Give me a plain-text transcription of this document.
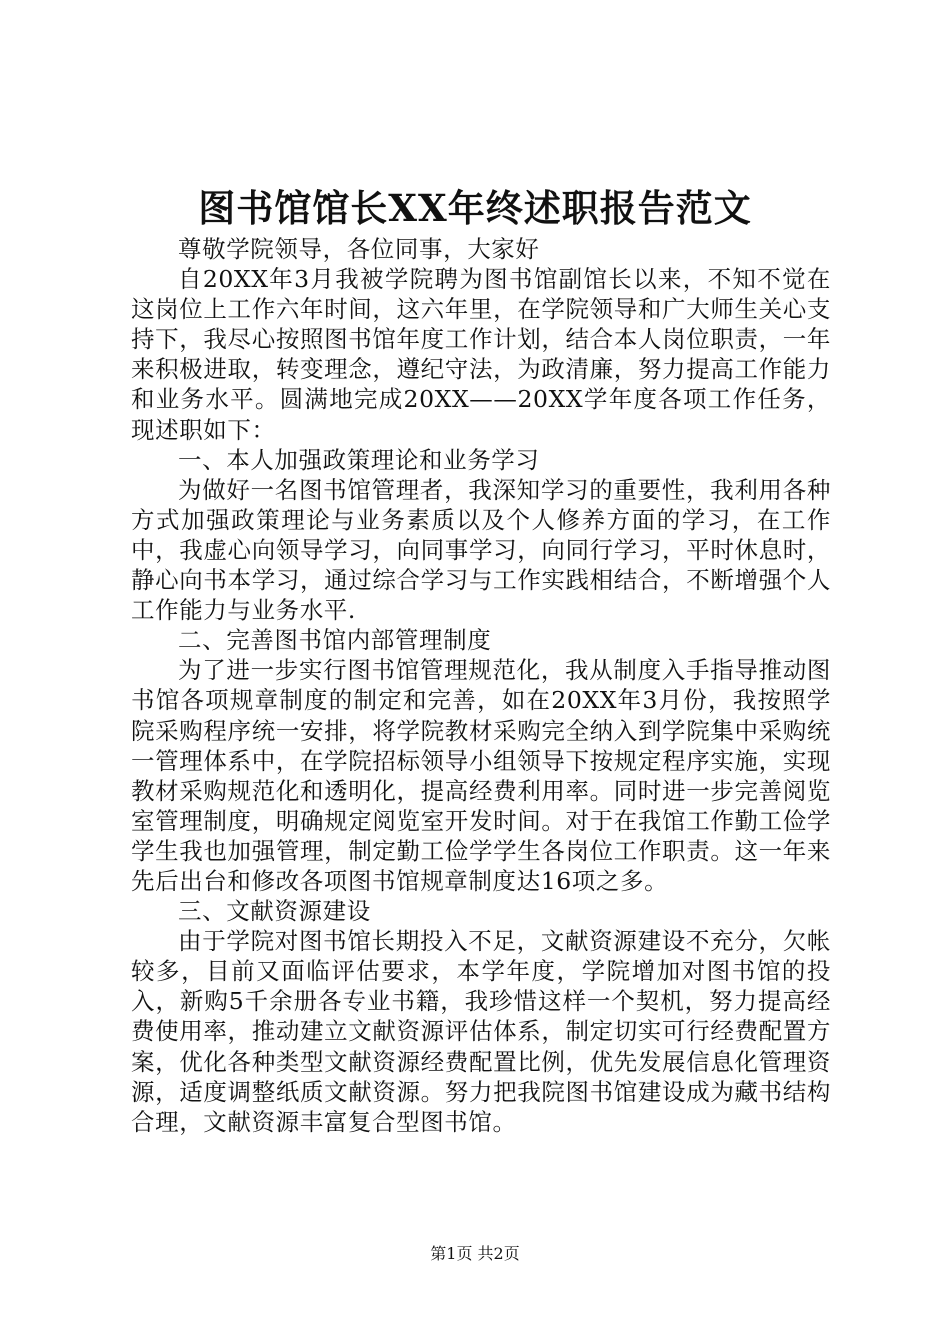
图书馆馆长XX年终述职报告范文

尊敬学院领导，各位同事，大家好

自20XX年3月我被学院聘为图书馆副馆长以来，不知不觉在这岗位上工作六年时间，这六年里，在学院领导和广大师生关心支持下，我尽心按照图书馆年度工作计划，结合本人岗位职责，一年来积极进取，转变理念，遵纪守法，为政清廉，努力提高工作能力和业务水平。圆满地完成20XX——20XX学年度各项工作任务，现述职如下：

一、本人加强政策理论和业务学习

为做好一名图书馆管理者，我深知学习的重要性，我利用各种方式加强政策理论与业务素质以及个人修养方面的学习，在工作中，我虚心向领导学习，向同事学习，向同行学习，平时休息时，静心向书本学习，通过综合学习与工作实践相结合，不断增强个人工作能力与业务水平.

二、完善图书馆内部管理制度

为了进一步实行图书馆管理规范化，我从制度入手指导推动图书馆各项规章制度的制定和完善，如在20XX年3月份，我按照学院采购程序统一安排，将学院教材采购完全纳入到学院集中采购统一管理体系中，在学院招标领导小组领导下按规定程序实施，实现教材采购规范化和透明化，提高经费利用率。同时进一步完善阅览室管理制度，明确规定阅览室开发时间。对于在我馆工作勤工俭学学生我也加强管理，制定勤工俭学学生各岗位工作职责。这一年来先后出台和修改各项图书馆规章制度达16项之多。

三、文献资源建设

由于学院对图书馆长期投入不足，文献资源建设不充分，欠帐较多，目前又面临评估要求，本学年度，学院增加对图书馆的投入，新购5千余册各专业书籍，我珍惜这样一个契机，努力提高经费使用率，推动建立文献资源评估体系，制定切实可行经费配置方案，优化各种类型文献资源经费配置比例，优先发展信息化管理资源，适度调整纸质文献资源。努力把我院图书馆建设成为藏书结构合理，文献资源丰富复合型图书馆。

第1页 共2页
